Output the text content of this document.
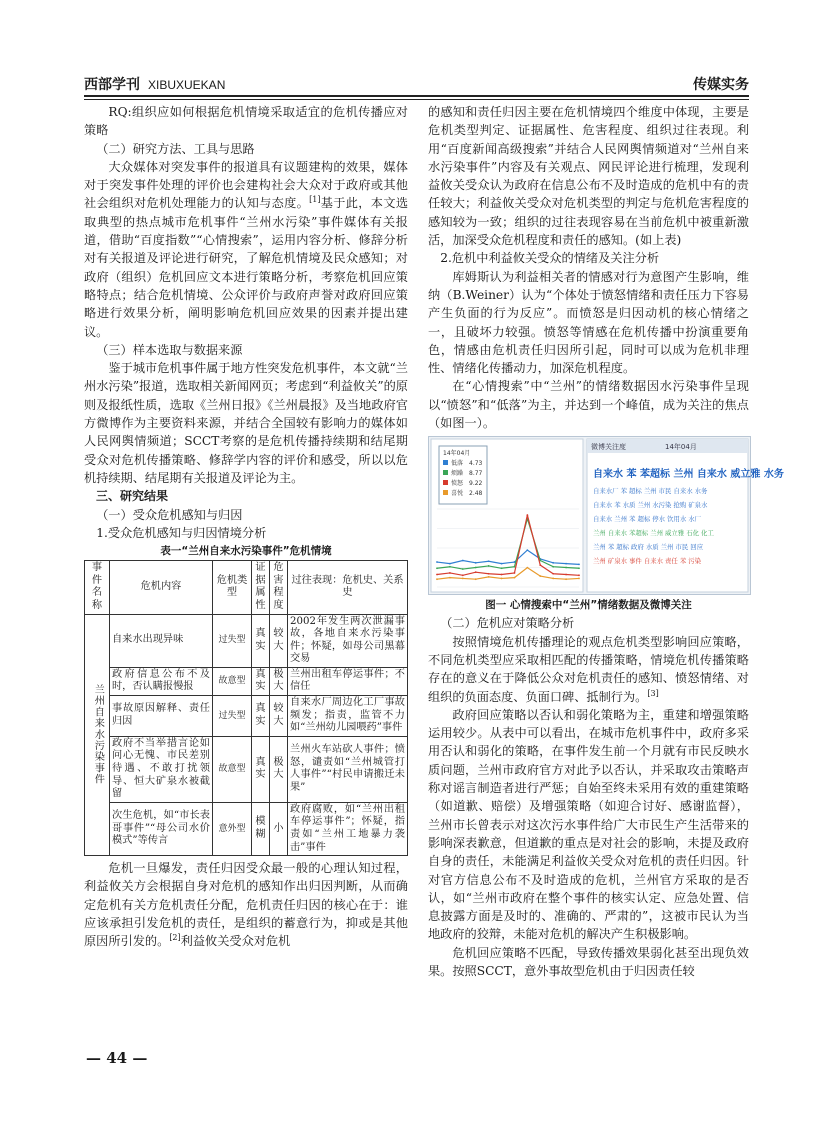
西部学刊 XIBUXUEKAN	传媒实务

RQ:组织应如何根据危机情境采取适宜的危机传播应对策略

（二）研究方法、工具与思路

大众媒体对突发事件的报道具有议题建构的效果，媒体对于突发事件处理的评价也会建构社会大众对于政府或其他社会组织对危机处理能力的认知与态度。[1]基于此，本文选取典型的热点城市危机事件“兰州水污染”事件媒体有关报道，借助“百度指数”“心情搜索”，运用内容分析、修辞分析对有关报道及评论进行研究，了解危机情境及民众感知；对政府（组织）危机回应文本进行策略分析，考察危机回应策略特点；结合危机情境、公众评价与政府声誉对政府回应策略进行效果分析，阐明影响危机回应效果的因素并提出建议。

（三）样本选取与数据来源

鉴于城市危机事件属于地方性突发危机事件，本文就“兰州水污染”报道，选取相关新闻网页；考虑到“利益攸关”的原则及报纸性质，选取《兰州日报》《兰州晨报》及当地政府官方微博作为主要资料来源，并结合全国较有影响力的媒体如人民网舆情频道；SCCT考察的是危机传播持续期和结尾期受众对危机传播策略、修辞学内容的评价和感受，所以以危机持续期、结尾期有关报道及评论为主。

三、研究结果

（一）受众危机感知与归因

1.受众危机感知与归因情境分析

表一“兰州自来水污染事件”危机情境
事件名称	危机内容	危机类型	证据属性	危害程度	过往表现：危机史、关系史
兰州自来水污染事件	自来水出现异味	过失型	真实	较大	2002年发生两次泄漏事故，各地自来水污染事件；怀疑，如母公司黑幕交易
	政府信息公布不及时，否认瞒报慢报	故意型	真实	极大	兰州出租车停运事件；不信任
	事故原因解释、责任归因	过失型	真实	较大	自来水厂周边化工厂事故频发；指责，监管不力如“兰州幼儿园喂药”事件
	政府不当举措言论如问心无愧、市民差别待遇、不敢打扰领导、恒大矿泉水被截留	故意型	真实	极大	兰州火车站砍人事件；愤怒，谴责如“兰州城管打人事件”“村民申请搬迁未果”
	次生危机，如“市长表哥事件”“母公司水价模式”等传言	意外型	模糊	小	政府腐败，如“兰州出租车停运事件”；怀疑，指责如“兰州工地暴力袭击”事件

危机一旦爆发，责任归因受众最一般的心理认知过程，利益攸关方会根据自身对危机的感知作出归因判断，从而确定危机有关方危机责任分配，危机责任归因的核心在于：谁应该承担引发危机的责任，是组织的蓄意行为，抑或是其他原因所引发的。[2]利益攸关受众对危机

的感知和责任归因主要在危机情境四个维度中体现，主要是危机类型判定、证据属性、危害程度、组织过往表现。利用“百度新闻高级搜索”并结合人民网舆情频道对“兰州自来水污染事件”内容及有关观点、网民评论进行梳理，发现利益攸关受众认为政府在信息公布不及时造成的危机中有的责任较大；利益攸关受众对危机类型的判定与危机危害程度的感知较为一致；组织的过往表现容易在当前危机中被重新激活，加深受众危机程度和责任的感知。(如上表)

2.危机中利益攸关受众的情绪及关注分析

库姆斯认为利益相关者的情感对行为意图产生影响，维纳（B.Weiner）认为“个体处于愤怒情绪和责任压力下容易产生负面的行为反应”。而愤怒是归因动机的核心情绪之一，且破坏力较强。愤怒等情感在危机传播中扮演重要角色，情感由危机责任归因所引起，同时可以成为危机非理性、情绪化传播动力，加深危机程度。

在“心情搜索”中“兰州”的情绪数据因水污染事件呈现以“愤怒”和“低落”为主，并达到一个峰值，成为关注的焦点（如图一）。

14年04月
低落 4.73
烦躁 8.77
愤怒 9.22
喜悦 2.48
微博关注度	14年04月
自来水 苯 苯超标 兰州 自来水 威立雅 水务
自来水厂 苯 超标 兰州 市民 自来水 水务
自来水 苯 水质 兰州 水污染 抢购 矿泉水
自来水 兰州 苯 超标 停水 饮用水 水厂
兰州 自来水 苯超标 兰州 威立雅 石化 化工
兰州 苯 超标 政府 水质 兰州 市民 回应
兰州 矿泉水 事件 自来水 责任 苯 污染
图一 心情搜索中“兰州”情绪数据及微博关注

（二）危机应对策略分析

按照情境危机传播理论的观点危机类型影响回应策略，不同危机类型应采取相匹配的传播策略，情境危机传播策略存在的意义在于降低公众对危机责任的感知、愤怒情绪、对组织的负面态度、负面口碑、抵制行为。[3]

政府回应策略以否认和弱化策略为主，重建和增强策略运用较少。从表中可以看出，在城市危机事件中，政府多采用否认和弱化的策略，在事件发生前一个月就有市民反映水质问题，兰州市政府官方对此予以否认，并采取攻击策略声称对谣言制造者进行严惩；自始至终未采用有效的重建策略（如道歉、赔偿）及增强策略（如迎合讨好、感谢监督），兰州市长曾表示对这次污水事件给广大市民生产生活带来的影响深表歉意，但道歉的重点是对社会的影响，未提及政府自身的责任，未能满足利益攸关受众对危机的责任归因。针对官方信息公布不及时造成的危机，兰州官方采取的是否认，如“兰州市政府在整个事件的核实认定、应急处置、信息披露方面是及时的、准确的、严肃的”，这被市民认为当地政府的狡辩，未能对危机的解决产生积极影响。

危机回应策略不匹配，导致传播效果弱化甚至出现负效果。按照SCCT，意外事故型危机由于归因责任较

— 44 —
